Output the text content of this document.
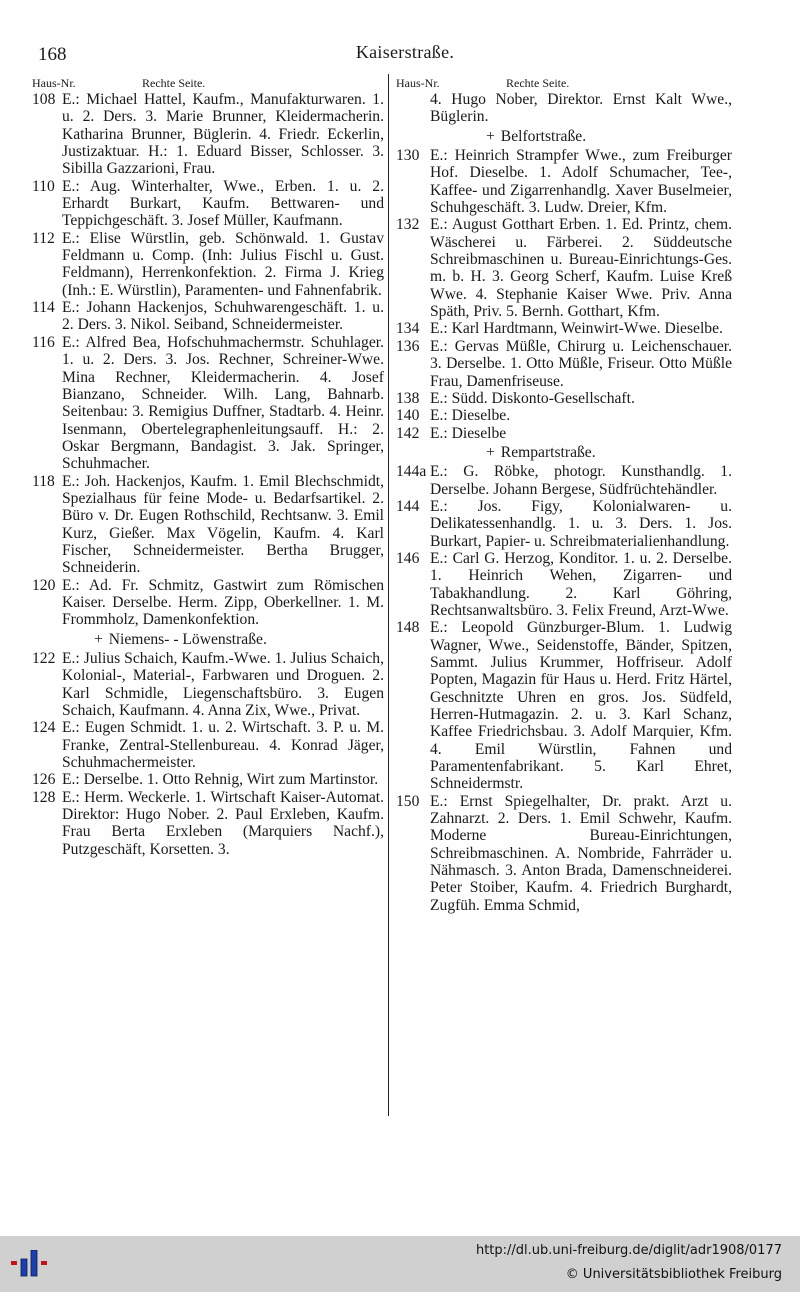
168	Kaiserstraße.
Haus-Nr.	Rechte Seite.
108 E.: Michael Hattel, Kaufm., Manufakturwaren. 1. u. 2. Ders. 3. Marie Brunner, Kleidermacherin. Katharina Brunner, Büglerin. 4. Friedr. Eckerlin, Justizaktuar. H.: 1. Eduard Bisser, Schlosser. 3. Sibilla Gazzarioni, Frau.
110 E.: Aug. Winterhalter, Wwe., Erben. 1. u. 2. Erhardt Burkart, Kaufm. Bettwaren- und Teppichgeschäft. 3. Josef Müller, Kaufmann.
112 E.: Elise Würstlin, geb. Schönwald. 1. Gustav Feldmann u. Comp. (Inh: Julius Fischl u. Gust. Feldmann), Herrenkonfektion. 2. Firma J. Krieg (Inh.: E. Würstlin), Paramenten- und Fahnenfabrik.
114 E.: Johann Hackenjos, Schuhwarengeschäft. 1. u. 2. Ders. 3. Nikol. Seiband, Schneidermeister.
116 E.: Alfred Bea, Hofschuhmachermstr. Schuhlager. 1. u. 2. Ders. 3. Jos. Rechner, Schreiner-Wwe. Mina Rechner, Kleidermacherin. 4. Josef Bianzano, Schneider. Wilh. Lang, Bahnarb. Seitenbau: 3. Remigius Duffner, Stadtarb. 4. Heinr. Isenmann, Obertelegraphenleitungsauff. H.: 2. Oskar Bergmann, Bandagist. 3. Jak. Springer, Schuhmacher.
118 E.: Joh. Hackenjos, Kaufm. 1. Emil Blechschmidt, Spezialhaus für feine Mode- u. Bedarfsartikel. 2. Büro v. Dr. Eugen Rothschild, Rechtsanw. 3. Emil Kurz, Gießer. Max Vögelin, Kaufm. 4. Karl Fischer, Schneidermeister. Bertha Brugger, Schneiderin.
120 E.: Ad. Fr. Schmitz, Gastwirt zum Römischen Kaiser. Derselbe. Herm. Zipp, Oberkellner. 1. M. Frommholz, Damenkonfektion.
+ Niemens- - Löwenstraße.
122 E.: Julius Schaich, Kaufm.-Wwe. 1. Julius Schaich, Kolonial-, Material-, Farbwaren und Droguen. 2. Karl Schmidle, Liegenschaftsbüro. 3. Eugen Schaich, Kaufmann. 4. Anna Zix, Wwe., Privat.
124 E.: Eugen Schmidt. 1. u. 2. Wirtschaft. 3. P. u. M. Franke, Zentral-Stellenbureau. 4. Konrad Jäger, Schuhmachermeister.
126 E.: Derselbe. 1. Otto Rehnig, Wirt zum Martinstor.
128 E.: Herm. Weckerle. 1. Wirtschaft Kaiser-Automat. Direktor: Hugo Nober. 2. Paul Erxleben, Kaufm. Frau Berta Erxleben (Marquiers Nachf.), Putzgeschäft, Korsetten. 3.
Haus-Nr.	Rechte Seite.
4. Hugo Nober, Direktor. Ernst Kalt Wwe., Büglerin.
+ Belfortstraße.
130 E.: Heinrich Strampfer Wwe., zum Freiburger Hof. Dieselbe. 1. Adolf Schumacher, Tee-, Kaffee- und Zigarrenhandlg. Xaver Buselmeier, Schuhgeschäft. 3. Ludw. Dreier, Kfm.
132 E.: August Gotthart Erben. 1. Ed. Printz, chem. Wäscherei u. Färberei. 2. Süddeutsche Schreibmaschinen u. Bureau-Einrichtungs-Ges. m. b. H. 3. Georg Scherf, Kaufm. Luise Kreß Wwe. 4. Stephanie Kaiser Wwe. Priv. Anna Späth, Priv. 5. Bernh. Gotthart, Kfm.
134 E.: Karl Hardtmann, Weinwirt-Wwe. Dieselbe.
136 E.: Gervas Müßle, Chirurg u. Leichenschauer. 3. Derselbe. 1. Otto Müßle, Friseur. Otto Müßle Frau, Damenfriseuse.
138 E.: Südd. Diskonto-Gesellschaft.
140 E.: Dieselbe.
142 E.: Dieselbe
+ Rempartstraße.
144a E.: G. Röbke, photogr. Kunsthandlg. 1. Derselbe. Johann Bergese, Südfrüchtehändler.
144 E.: Jos. Figy, Kolonialwaren- u. Delikatessenhandlg. 1. u. 3. Ders. 1. Jos. Burkart, Papier- u. Schreibmaterialienhandlung.
146 E.: Carl G. Herzog, Konditor. 1. u. 2. Derselbe. 1. Heinrich Wehen, Zigarren- und Tabakhandlung. 2. Karl Göhring, Rechtsanwaltsbüro. 3. Felix Freund, Arzt-Wwe.
148 E.: Leopold Günzburger-Blum. 1. Ludwig Wagner, Wwe., Seidenstoffe, Bänder, Spitzen, Sammt. Julius Krummer, Hoffriseur. Adolf Popten, Magazin für Haus u. Herd. Fritz Härtel, Geschnitzte Uhren en gros. Jos. Südfeld, Herren-Hutmagazin. 2. u. 3. Karl Schanz, Kaffee Friedrichsbau. 3. Adolf Marquier, Kfm. 4. Emil Würstlin, Fahnen und Paramentenfabrikant. 5. Karl Ehret, Schneidermstr.
150 E.: Ernst Spiegelhalter, Dr. prakt. Arzt u. Zahnarzt. 2. Ders. 1. Emil Schwehr, Kaufm. Moderne Bureau-Einrichtungen, Schreibmaschinen. A. Nombride, Fahrräder u. Nähmasch. 3. Anton Brada, Damenschneiderei. Peter Stoiber, Kaufm. 4. Friedrich Burghardt, Zugfüh. Emma Schmid,
http://dl.ub.uni-freiburg.de/diglit/adr1908/0177
© Universitätsbibliothek Freiburg
